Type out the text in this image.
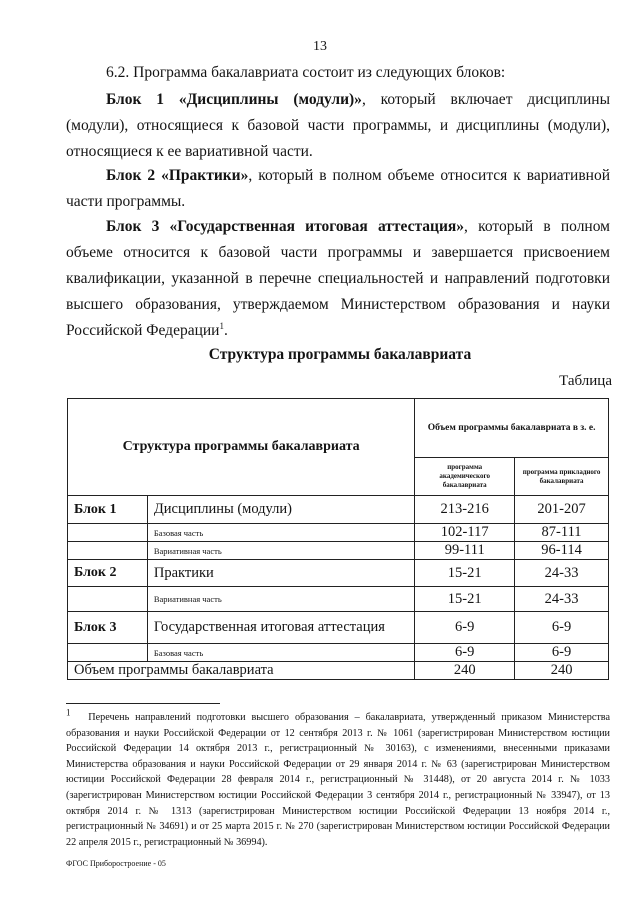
13
6.2. Программа бакалавриата состоит из следующих блоков:
Блок 1 «Дисциплины (модули)», который включает дисциплины (модули), относящиеся к базовой части программы, и дисциплины (модули), относящиеся к ее вариативной части.
Блок 2 «Практики», который в полном объеме относится к вариативной части программы.
Блок 3 «Государственная итоговая аттестация», который в полном объеме относится к базовой части программы и завершается присвоением квалификации, указанной в перечне специальностей и направлений подготовки высшего образования, утверждаемом Министерством образования и науки Российской Федерации$^1$.
Структура программы бакалавриата
Таблица
Структура программы бакалавриата		Объем программы бакалавриата в з. е.	
		программа академического бакалавриата	программа прикладного бакалавриата
Блок 1	Дисциплины (модули)	213-216	201-207
	Базовая часть	102-117	87-111
	Вариативная часть	99-111	96-114
Блок 2	Практики	15-21	24-33
	Вариативная часть	15-21	24-33
Блок 3	Государственная итоговая аттестация	6-9	6-9
	Базовая часть	6-9	6-9
Объем программы бакалавриата		240	240
1 Перечень направлений подготовки высшего образования – бакалавриата, утвержденный приказом Министерства образования и науки Российской Федерации от 12 сентября 2013 г. № 1061 (зарегистрирован Министерством юстиции Российской Федерации 14 октября 2013 г., регистрационный № 30163), с изменениями, внесенными приказами Министерства образования и науки Российской Федерации от 29 января 2014 г. № 63 (зарегистрирован Министерством юстиции Российской Федерации 28 февраля 2014 г., регистрационный № 31448), от 20 августа 2014 г. № 1033 (зарегистрирован Министерством юстиции Российской Федерации 3 сентября 2014 г., регистрационный № 33947), от 13 октября 2014 г. № 1313 (зарегистрирован Министерством юстиции Российской Федерации 13 ноября 2014 г., регистрационный № 34691) и от 25 марта 2015 г. № 270 (зарегистрирован Министерством юстиции Российской Федерации 22 апреля 2015 г., регистрационный № 36994).
ФГОС Приборостроение - 05
